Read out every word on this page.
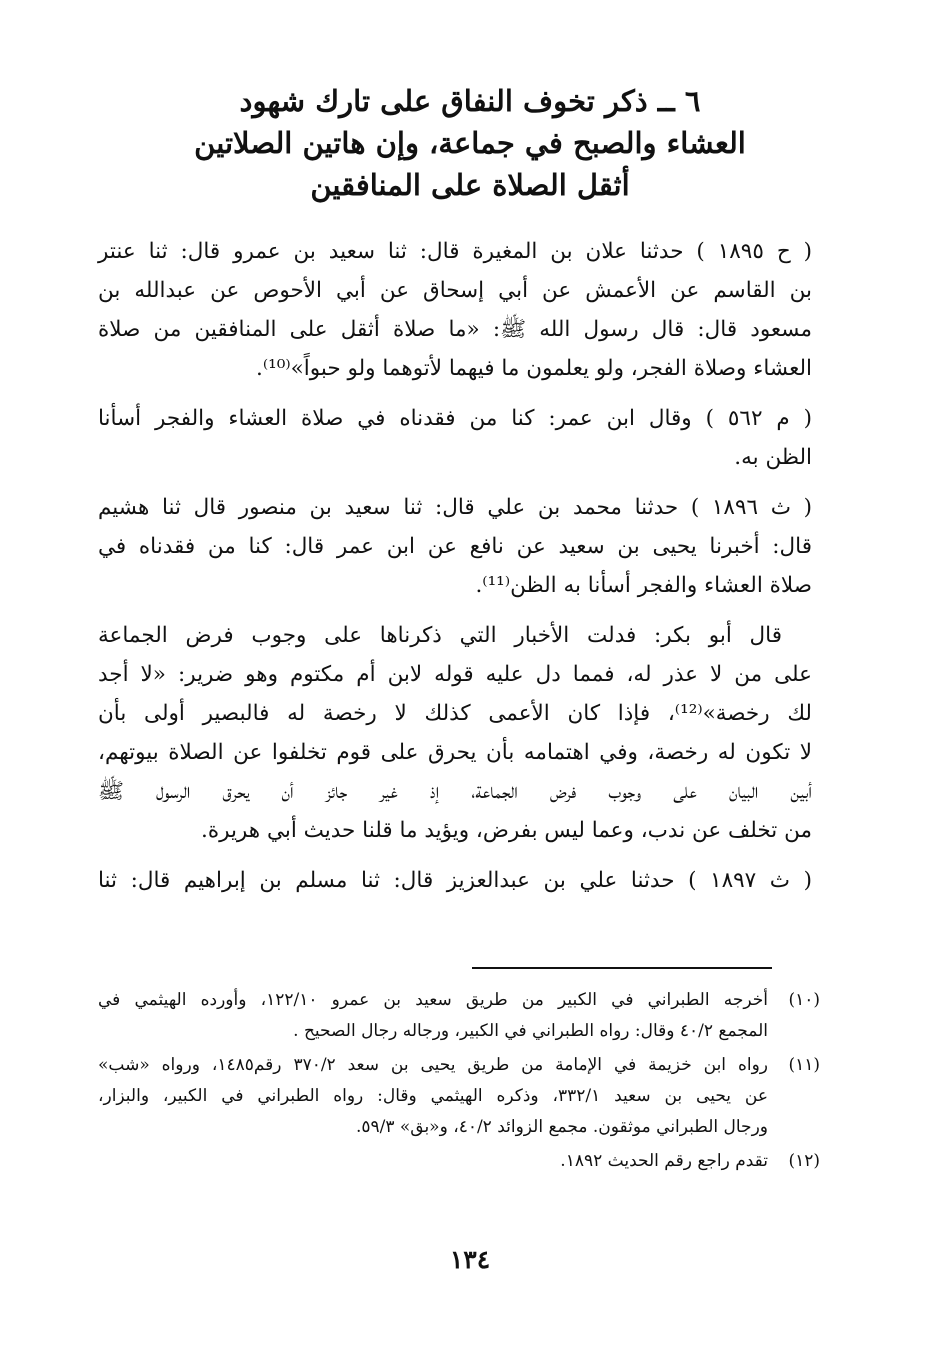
٦ ــ ذكر تخوف النفاق على تارك شهود
العشاء والصبح في جماعة، وإن هاتين الصلاتين
أثقل الصلاة على المنافقين
( ح ١٨٩٥ ) حدثنا علان بن المغيرة قال: ثنا سعيد بن عمرو قال: ثنا عنتر
بن القاسم عن الأعمش عن أبي إسحاق عن أبي الأحوص عن عبدالله بن
مسعود قال: قال رسول الله ﷺ: «ما صلاة أثقل على المنافقين من صلاة
العشاء وصلاة الفجر، ولو يعلمون ما فيهما لأتوهما ولو حبواً»⁽¹⁰⁾.
( م ٥٦٢ ) وقال ابن عمر: كنا من فقدناه في صلاة العشاء والفجر أسأنا
الظن به.
( ث ١٨٩٦ ) حدثنا محمد بن علي قال: ثنا سعيد بن منصور قال ثنا هشيم
قال: أخبرنا يحيى بن سعيد عن نافع عن ابن عمر قال: كنا من فقدناه في
صلاة العشاء والفجر أسأنا به الظن⁽¹¹⁾.
قال أبو بكر: فدلت الأخبار التي ذكرناها على وجوب فرض الجماعة
على من لا عذر له، فمما دل عليه قوله لابن أم مكتوم وهو ضرير: «لا أجد
لك رخصة»⁽¹²⁾، فإذا كان الأعمى كذلك لا رخصة له فالبصير أولى بأن
لا تكون له رخصة، وفي اهتمامه بأن يحرق على قوم تخلفوا عن الصلاة بيوتهم،
أبين البيان على وجوب فرض الجماعة، إذ غير جائز أن يحرق الرسول ﷺ
من تخلف عن ندب، وعما ليس بفرض، ويؤيد ما قلنا حديث أبي هريرة.
( ث ١٨٩٧ ) حدثنا علي بن عبدالعزيز قال: ثنا مسلم بن إبراهيم قال: ثنا
(١٠)
أخرجه الطبراني في الكبير من طريق سعيد بن عمرو ١٢٢/١٠، وأورده الهيثمي في
المجمع ٤٠/٢ وقال: رواه الطبراني في الكبير، ورجاله رجال الصحيح .
(١١)
رواه ابن خزيمة في الإمامة من طريق يحيى بن سعد ٣٧٠/٢ رقم١٤٨٥، ورواه «شب»
عن يحيى بن سعيد ٣٣٢/١، وذكره الهيثمي وقال: رواه الطبراني في الكبير، والبزار،
ورجال الطبراني موثقون. مجمع الزوائد ٤٠/٢، و«بق» ٥٩/٣.
(١٢)
تقدم راجع رقم الحديث ١٨٩٢.
١٣٤
